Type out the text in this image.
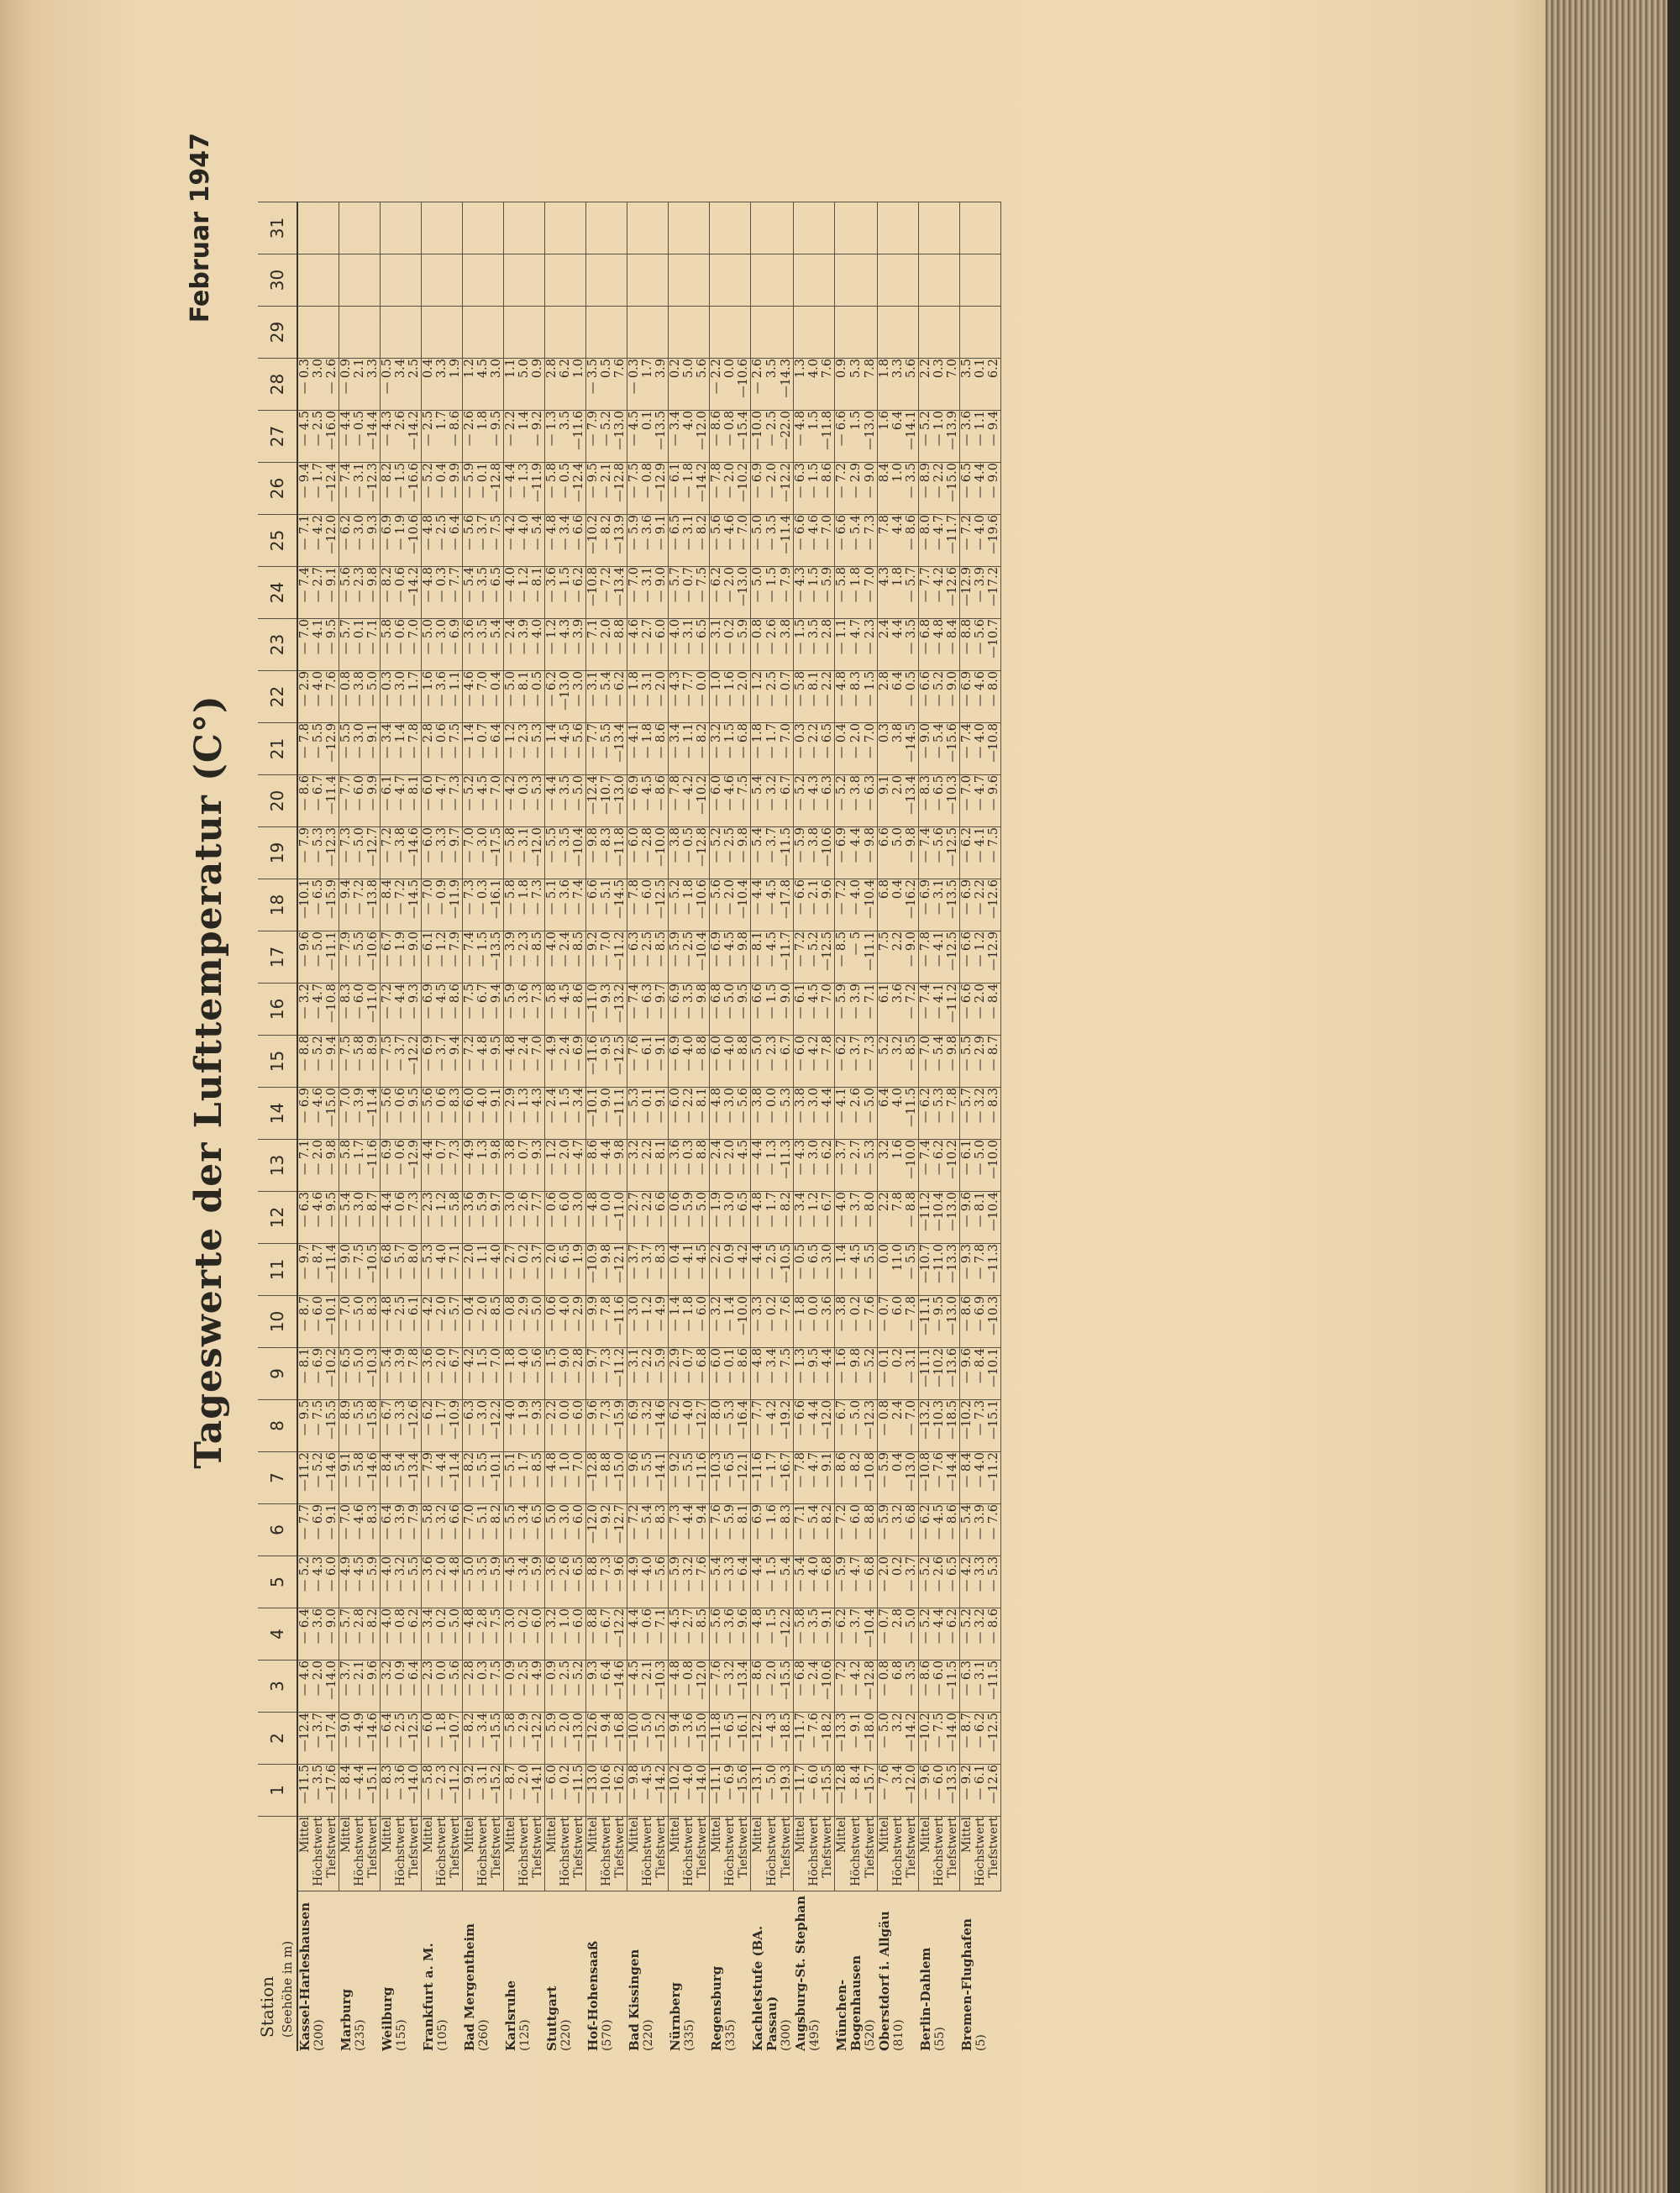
Tageswerte der Lufttemperatur (C°)
Februar 1947
Station (Seehöhe in m)		1	2	3	4	5	6	7	8	9	10	11	12	13	14	15	16	17	18	19	20	21	22	23	24	25	26	27	28	29	30	31

Kassel-Harleshausen (200)	Mittel	—11.5	—12.4	— 4.6	— 6.4	— 5.2	— 7.7	—11.2	— 9.5	— 8.1	— 8.7	— 9.7	— 6.3	— 7.1	— 6.9	— 8.8	— 3.2	— 9.6	—10.1	— 7.9	— 8.6	— 7.8	— 2.9	— 7.0	— 7.4	— 7.1	— 9.4	— 4.5	— 0.3			
	Höchstwert	— 3.5	— 3.7	— 2.0	— 3.6	— 4.3	— 6.9	— 5.2	— 7.5	— 6.9	— 6.0	— 8.7	— 4.6	— 2.0	— 4.6	— 5.2	— 4.7	— 5.0	— 6.5	— 5.3	— 6.7	— 5.5	— 4.0	— 4.1	— 2.7	— 4.2	— 1.7	— 2.5	3.0			
	Tiefstwert	—17.6	—17.4	—14.0	— 9.0	— 6.0	— 9.1	—14.6	—15.5	—10.2	—10.1	—11.4	— 9.5	— 9.8	—15.0	— 9.4	—10.8	—11.1	—15.9	—12.3	—11.4	—12.9	— 7.6	— 9.5	— 9.1	—12.0	—12.4	—16.0	— 2.6			

Marburg (235)	Mittel	— 8.4	— 9.0	— 3.7	— 5.7	— 4.9	— 7.0	— 9.1	— 8.9	— 6.5	— 7.0	— 9.0	— 5.4	— 5.8	— 7.0	— 7.5	— 8.3	— 7.9	— 9.4	— 7.3	— 7.7	— 5.5	— 0.8	— 5.7	— 5.6	— 6.2	— 7.4	— 4.4	— 0.9			
	Höchstwert	— 4.4	— 4.9	— 2.1	— 2.8	— 4.5	— 4.6	— 5.8	— 5.5	— 5.0	— 5.0	— 7.5	— 3.0	— 1.7	— 3.9	— 5.8	— 6.0	— 5.5	— 7.2	— 5.0	— 6.0	— 3.0	— 3.8	— 0.1	— 2.3	— 3.0	— 3.1	— 0.5	2.1			
	Tiefstwert	—15.1	—14.6	— 9.6	— 8.2	— 5.9	— 8.3	—14.6	—15.8	—10.3	— 8.3	—10.5	— 8.7	—11.6	—11.4	— 8.9	—11.0	—10.6	—13.8	—12.7	— 9.9	— 9.1	— 5.0	— 7.1	— 9.8	— 9.3	—12.3	—14.4	3.3			

Weilburg (155)	Mittel	— 8.3	— 6.4	— 3.2	— 4.0	— 4.0	— 6.4	— 8.4	— 6.7	— 5.4	— 4.8	— 6.8	— 4.4	— 6.9	— 5.6	— 7.5	— 7.2	— 6.7	— 8.4	— 7.2	— 6.1	— 3.4	— 0.3	— 5.8	— 8.2	— 6.9	— 8.2	— 4.3	— 0.5			
	Höchstwert	— 3.6	— 2.5	— 0.9	— 0.8	— 3.2	— 3.9	— 5.4	— 3.3	— 3.9	— 2.5	— 5.7	— 0.6	— 0.6	— 0.6	— 3.7	— 4.4	— 1.9	— 7.2	— 3.8	— 4.7	— 1.4	— 3.0	— 0.6	— 0.6	— 1.9	— 1.5	2.6	3.4			
	Tiefstwert	—14.0	—12.5	— 6.4	— 6.2	— 5.5	— 7.9	—13.4	—12.6	— 7.8	— 6.1	— 8.0	— 7.3	—12.9	— 9.5	—12.2	— 9.3	— 9.0	—14.5	—14.6	— 8.1	— 7.8	— 1.7	— 7.0	—14.2	—10.6	—16.6	—14.2	2.5			

Frankfurt a. M. (105)	Mittel	— 5.8	— 6.0	— 2.3	— 3.4	— 3.6	— 5.8	— 7.9	— 6.2	— 3.6	— 4.2	— 5.3	— 2.3	— 4.4	— 5.6	— 6.9	— 6.9	— 6.1	— 7.0	— 6.0	— 6.0	— 2.8	— 1.6	— 5.0	— 4.8	— 4.8	— 5.2	— 2.5	0.4			
	Höchstwert	— 2.3	— 1.8	— 0.0	— 0.2	— 2.0	— 3.2	— 4.4	— 1.7	— 2.0	— 2.0	— 4.0	— 1.2	— 0.7	— 0.6	— 3.7	— 4.5	— 1.2	— 0.9	— 3.3	— 4.7	— 0.6	— 3.6	— 3.0	— 0.3	— 2.5	— 0.4	1.7	3.3			
	Tiefstwert	—11.2	—10.7	— 5.6	— 5.0	— 4.8	— 6.6	—11.4	—10.9	— 6.7	— 5.7	— 7.1	— 5.8	— 7.3	— 8.3	— 9.4	— 8.6	— 7.9	—11.9	— 9.7	— 7.3	— 7.5	— 1.1	— 6.9	— 7.7	— 6.4	— 9.9	— 8.6	1.9			

Bad Mergentheim (260)	Mittel	— 9.2	— 8.2	— 2.8	— 4.8	— 5.0	— 7.0	— 8.2	— 6.3	— 4.2	— 0.4	— 2.0	— 3.6	— 4.9	— 6.0	— 7.2	— 7.5	— 7.4	— 7.3	— 7.0	— 5.2	— 1.4	— 4.6	— 3.6	— 5.4	— 5.6	— 5.9	— 2.6	1.2			
	Höchstwert	— 3.1	— 3.4	— 0.3	— 2.8	— 3.5	— 5.1	— 5.5	— 3.0	— 1.5	— 2.0	— 1.1	— 5.9	— 1.3	— 4.0	— 4.8	— 6.7	— 1.5	— 0.3	— 3.0	— 4.5	— 0.7	— 7.0	— 3.5	— 3.5	— 3.7	— 0.1	1.8	4.5			
	Tiefstwert	—15.2	—15.5	— 7.5	— 7.5	— 5.9	— 8.2	—10.1	—12.2	— 7.0	— 8.5	— 4.0	— 9.7	— 9.8	— 9.1	— 9.5	— 9.4	—13.5	—16.1	—17.5	— 7.0	— 6.4	— 0.4	— 5.4	— 6.5	— 7.5	—12.8	— 9.5	3.0			

Karlsruhe (125)	Mittel	— 8.7	— 5.8	— 0.9	— 3.0	— 4.5	— 5.5	— 5.1	— 4.0	— 1.8	— 0.8	— 2.7	— 3.0	— 3.8	— 2.9	— 4.8	— 5.9	— 3.9	— 5.8	— 5.8	— 4.2	— 1.2	— 5.0	— 2.4	— 4.0	— 4.2	— 4.4	— 2.2	1.1			
	Höchstwert	— 2.0	— 2.9	— 2.5	— 0.2	— 3.4	— 3.4	— 1.7	— 1.9	— 4.0	— 2.9	— 0.2	— 2.6	— 0.7	— 1.3	— 2.4	— 3.6	— 2.3	— 1.8	— 3.1	— 0.3	— 2.3	— 8.1	— 3.9	— 1.2	— 4.0	— 1.3	1.4	5.0			
	Tiefstwert	—14.1	—12.2	— 4.9	— 6.0	— 5.9	— 6.5	— 8.5	— 9.3	— 5.6	— 5.0	— 3.7	— 7.7	— 9.3	— 4.3	— 7.0	— 7.3	— 8.5	— 7.3	—12.0	— 5.3	— 5.3	— 0.5	— 4.0	— 8.1	— 5.4	—11.9	— 9.2	0.9			

Stuttgart (220)	Mittel	— 6.0	— 5.9	— 0.9	— 3.2	— 3.6	— 5.0	— 4.8	— 2.2	— 1.5	— 0.6	— 2.0	— 0.6	— 1.2	— 2.4	— 4.9	— 5.8	— 4.0	— 5.1	— 5.5	— 4.4	— 1.4	— 6.2	— 1.2	— 3.6	— 4.8	— 5.8	— 1.3	2.8			
	Höchstwert	— 0.2	— 2.0	— 2.5	— 1.0	— 2.6	— 3.0	— 1.0	— 0.0	— 9.0	— 4.0	— 6.5	— 6.0	— 2.0	— 1.5	— 2.4	— 4.5	— 2.4	— 3.6	— 3.5	— 3.5	— 4.5	—13.0	— 4.3	— 1.5	— 3.4	— 0.5	3.5	6.2			
	Tiefstwert	—11.5	—13.0	— 5.2	— 6.0	— 6.5	— 6.0	— 7.0	— 6.0	— 2.8	— 2.9	— 1.9	— 3.0	— 4.7	— 3.4	— 6.9	— 8.6	— 8.5	— 7.4	—10.4	— 5.0	— 5.6	— 3.0	— 3.9	— 6.2	— 6.6	—12.4	—11.6	1.0			

Hof-Hohensaaß (570)	Mittel	—13.0	—12.6	— 9.3	— 8.8	— 8.8	—12.0	—12.8	— 9.6	— 9.7	— 9.9	—10.9	— 4.8	— 8.6	—10.1	—11.6	—11.0	— 9.2	— 6.6	— 9.8	—12.4	— 7.7	— 3.1	— 7.1	—10.8	—10.2	— 9.5	— 7.9	— 3.5			
	Höchstwert	—10.6	— 9.4	— 6.4	— 6.7	— 7.3	— 9.2	— 8.8	— 7.3	— 7.3	— 7.8	— 9.8	— 0.0	— 4.4	— 9.0	— 9.5	— 9.3	— 7.0	— 5.1	— 8.3	—10.7	— 5.5	— 5.4	— 2.0	— 7.2	— 8.2	— 2.1	— 5.2	0.5			
	Tiefstwert	—16.2	—16.8	—14.6	—12.2	— 9.6	—12.7	—15.0	—15.9	—11.2	—11.6	—12.1	—11.0	— 9.8	—11.1	—12.5	—13.2	—11.2	—14.5	—11.8	—13.0	—13.4	— 6.2	— 8.8	—13.4	—13.9	—12.8	—13.0	7.6			

Bad Kissingen (220)	Mittel	— 9.8	—10.0	— 4.5	— 4.4	— 4.9	— 7.2	— 9.6	— 6.9	— 3.1	— 3.0	— 3.7	— 2.7	— 3.2	— 5.3	— 7.6	— 7.4	— 6.3	— 7.8	— 6.0	— 6.9	— 4.1	— 1.8	— 4.6	— 7.0	— 5.9	— 7.5	— 4.5	— 0.3			
	Höchstwert	— 4.5	— 5.0	— 2.1	— 0.6	— 4.0	— 5.4	— 5.5	— 3.2	— 2.2	— 1.2	— 3.7	— 2.2	— 2.2	— 0.1	— 6.1	— 6.3	— 2.5	— 6.0	— 2.8	— 4.5	— 1.8	— 3.1	— 2.7	— 3.1	— 3.6	— 0.8	0.1	1.7			
	Tiefstwert	—14.2	—15.2	—10.3	— 7.1	— 5.6	— 8.3	—14.1	—14.6	— 5.9	— 4.9	— 8.3	— 6.6	— 8.1	— 9.1	— 9.1	— 9.7	— 8.5	—12.5	—10.0	— 8.6	— 8.6	— 2.0	— 6.0	— 9.0	— 9.1	—12.9	—13.5	3.9			

Nürnberg (335)	Mittel	—10.2	— 9.4	— 4.8	— 4.5	— 5.9	— 7.3	— 9.2	— 6.2	— 2.9	— 1.4	— 0.4	— 0.6	— 3.6	— 6.0	— 6.9	— 6.9	— 5.9	— 5.2	— 3.8	— 7.8	— 3.4	— 4.3	— 4.0	— 5.7	— 6.5	— 6.1	— 3.4	0.2			
	Höchstwert	— 4.0	— 3.6	— 0.8	— 2.7	— 3.2	— 4.4	— 5.5	— 4.0	— 0.7	— 1.8	— 4.1	— 5.9	— 0.3	— 2.2	— 4.0	— 3.5	— 2.5	— 1.8	— 0.5	— 4.2	— 1.1	— 7.7	— 3.1	— 0.7	— 3.1	— 1.8	4.0	5.0			
	Tiefstwert	—14.0	—15.0	—12.0	— 8.5	— 7.6	— 9.4	—11.6	—12.7	— 6.8	— 6.0	— 4.5	— 5.0	— 8.8	— 8.1	— 8.8	— 9.8	—10.4	—10.6	—12.8	—10.2	— 8.2	— 0.0	— 6.5	— 7.5	— 8.2	—14.2	—12.0	5.6			

Regensburg (335)	Mittel	—11.1	—11.8	— 7.6	— 5.6	— 5.4	— 7.6	—10.3	— 8.0	— 6.0	— 3.2	— 2.2	— 1.9	— 2.4	— 4.8	— 6.0	— 6.8	— 6.9	— 5.6	— 5.2	— 6.0	— 3.2	— 1.0	— 3.1	— 6.2	— 5.6	— 7.8	— 8.6	— 2.2			
	Höchstwert	— 6.9	— 6.5	— 3.2	— 3.6	— 3.3	— 5.9	— 6.5	— 5.3	— 0.1	— 1.4	— 0.9	— 3.0	— 2.0	— 3.0	— 4.0	— 5.0	— 4.5	— 2.0	— 2.5	— 4.6	— 1.5	— 1.6	— 0.2	— 2.0	— 4.6	— 2.0	— 0.8	0.0			
	Tiefstwert	—15.6	—16.1	—13.4	— 9.6	— 6.4	— 8.1	—12.1	—16.4	— 8.6	—10.0	— 4.2	— 6.5	— 4.5	— 5.6	— 8.8	— 9.5	— 9.8	—10.4	— 9.8	— 7.5	— 6.8	— 2.0	— 5.9	—13.0	— 7.0	—10.2	—15.4	—10.6			

Kachletstufe (BA. Passau) (300)	Mittel	—13.1	—12.2	— 8.6	— 4.8	— 4.4	— 6.9	—11.6	— 7.7	— 4.8	— 3.3	— 4.4	— 4.8	— 4.4	— 3.8	— 5.0	— 6.6	— 8.1	— 4.4	— 5.4	— 5.4	— 1.8	— 1.2	— 0.8	— 5.0	— 5.0	— 6.9	—10.0	— 2.6			
	Höchstwert	— 5.0	— 4.3	— 2.0	— 1.5	— 1.5	— 1.6	— 1.7	— 4.2	— 3.4	— 0.2	— 2.5	— 1.7	— 1.3	— 0.0	— 2.3	— 1.5	— 4.5	— 4.5	— 3.7	— 3.2	— 1.7	— 2.5	— 2.6	— 1.5	— 3.5	— 2.0	— 2.5	3.5			
	Tiefstwert	—19.3	—18.5	—15.5	—12.2	— 5.4	— 8.3	—16.7	—19.2	— 7.5	— 7.6	—10.5	— 8.2	—11.3	— 5.3	— 6.7	— 9.0	—11.7	—17.8	—11.5	— 6.7	— 7.0	— 0.7	— 3.8	— 7.9	—11.4	—12.2	—22.0	—14.3			

Augsburg-St. Stephan (495)	Mittel	—11.7	—11.7	— 6.8	— 5.8	— 5.4	— 7.1	— 7.8	— 6.6	— 1.3	— 1.8	— 0.5	— 3.4	— 4.3	— 3.8	— 6.0	— 6.1	— 7.2	— 6.6	— 5.9	— 5.2	— 0.3	— 5.8	— 1.5	— 4.3	— 6.6	— 6.3	— 4.8	1.3			
	Höchstwert	— 6.0	— 7.6	— 2.4	— 3.5	— 4.0	— 5.4	— 4.7	— 4.4	— 9.5	— 0.0	— 6.5	— 1.2	— 3.0	— 3.0	— 4.2	— 4.5	— 5.2	— 2.1	— 3.8	— 4.3	— 2.2	— 8.1	— 3.5	— 1.5	— 4.6	— 1.5	1.5	4.0			
	Tiefstwert	—15.5	—18.2	—10.6	— 9.1	— 6.8	— 8.2	— 9.1	—12.0	— 4.4	— 3.6	— 3.0	— 6.7	— 6.2	— 4.4	— 7.8	— 7.0	—12.5	— 9.6	—10.6	— 6.3	— 6.5	— 2.2	— 2.8	— 5.9	— 7.0	— 8.6	—11.8	7.6			

München-Bogenhausen (520)	Mittel	—12.8	—13.3	— 7.2	— 6.2	— 5.9	— 7.2	— 8.6	— 6.7	— 1.6	— 3.8	— 1.4	— 4.0	— 3.7	— 4.1	— 6.2	— 5.9	— 8.5	— 7.2	— 6.9	— 5.2	— 0.4	— 4.8	— 1.1	— 5.8	— 6.6	— 7.2	— 6.6	0.9			
	Höchstwert	— 8.4	— 9.1	— 4.2	— 3.7	— 4.7	— 6.0	— 8.2	— 5.0	— 9.8	— 0.2	— 4.5	— 3.7	— 2.7	— 2.6	— 3.7	— 3.9	— 5	— 4.0	— 4.4	— 3.8	— 2.0	— 8.3	— 4.7	— 1.8	— 5.4	— 2.9	1.5	5.3			
	Tiefstwert	—15.7	—18.0	—12.8	—10.4	— 6.8	— 8.8	—10.8	—12.3	— 5.2	— 7.6	— 5.5	— 8.0	— 5.3	— 5.0	— 7.3	— 7.1	—11.1	—10.4	— 9.8	— 6.3	— 7.0	— 1.5	— 2.3	— 7.0	— 7.3	— 9.0	—13.0	7.8			

Oberstdorf i. Allgäu (810)	Mittel	— 7.6	— 5.0	— 0.8	— 0.7	— 2.0	— 5.9	— 5.9	— 0.8	— 0.1	— 0.7	0.0	2.2	3.2	6.4	5.2	6.1	7.5	6.8	6.6	9.1	0.3	2.8	2.4	4.3	7.8	8.4	1.6	1.8			
	Höchstwert	3.4	3.2	6.8	2.8	0.2	3.2	0.4	2.4	0.2	6.0	11.0	7.8	1.6	4.0	3.2	3.6	2.2	0.4	5.0	2.0	3.8	6.4	4.4	1.8	4.4	1.0	6.4	3.3			
	Tiefstwert	—12.0	—14.2	— 3.5	— 5.0	— 3.7	— 6.8	—13.0	— 7.0	— 3.1	— 7.8	— 5.5	— 8.8	—10.0	—11.5	— 8.5	— 7.2	— 9.0	—16.2	— 9.8	—13.4	—14.5	— 0.5	— 3.5	— 5.7	— 8.6	— 3.5	—14.1	5.6			

Berlin-Dahlem (55)	Mittel	— 9.6	—10.2	— 8.6	— 5.2	— 5.2	— 6.2	—10.8	—13.2	—11.1	—11.1	—10.7	—11.2	— 7.4	— 6.2	— 7.0	— 7.4	— 7.8	— 6.9	— 7.4	— 8.3	— 9.0	— 6.6	— 6.8	— 7.7	— 8.0	— 8.9	— 5.2	2.2			
	Höchstwert	— 6.0	— 7.5	— 6.0	— 4.4	— 2.6	— 4.5	— 7.6	—10.3	—10.2	— 9.5	—11.0	—10.4	— 6.2	— 5.3	— 5.4	— 4.1	— 4.1	— 3.1	— 5.6	— 6.5	— 5.4	— 5.2	— 4.8	— 4.2	— 4.7	— 2.2	— 1.0	0.3			
	Tiefstwert	—13.5	—14.0	—11.5	— 6.2	— 6.5	— 8.6	—14.4	—18.5	—13.6	—13.0	—13.3	—13.0	—10.2	— 7.8	— 9.8	—11.2	—12.5	—13.5	—12.5	—10.3	—15.6	— 9.0	— 8.4	—12.6	—11.7	—15.0	—13.9	7.0			

Bremen-Flughafen (5)	Mittel	— 9.2	— 8.7	— 6.3	— 5.2	— 4.2	— 5.4	— 8.4	—10.2	— 9.6	— 8.6	— 9.3	— 9.6	— 6.1	— 5.7	— 5.5	— 6.6	— 6.6	— 6.9	— 6.2	— 7.0	— 7.4	— 6.9	— 8.8	—12.9	— 7.2	— 6.5	— 3.6	3.5			
	Höchstwert	— 6.1	— 6.2	— 3.1	— 3.2	— 3.3	— 3.9	— 4.0	— 7.3	— 8.4	— 6.9	— 7.8	— 8.1	— 5.0	— 3.2	— 2.9	— 2.0	— 1.2	— 2.2	— 4.1	— 4.7	— 4.0	— 4.6	— 5.6	— 3.9	— 4.0	— 4.4	— 1.1	0.1			
	Tiefstwert	—12.6	—12.5	—11.5	— 8.6	— 5.3	— 7.6	—11.2	—15.1	—10.1	—10.3	—11.3	—10.4	—10.0	— 8.3	— 8.7	— 8.4	—12.9	—12.6	— 7.5	— 9.6	—10.8	— 8.0	—10.7	—17.2	—19.6	— 9.0	— 9.4	6.2			
